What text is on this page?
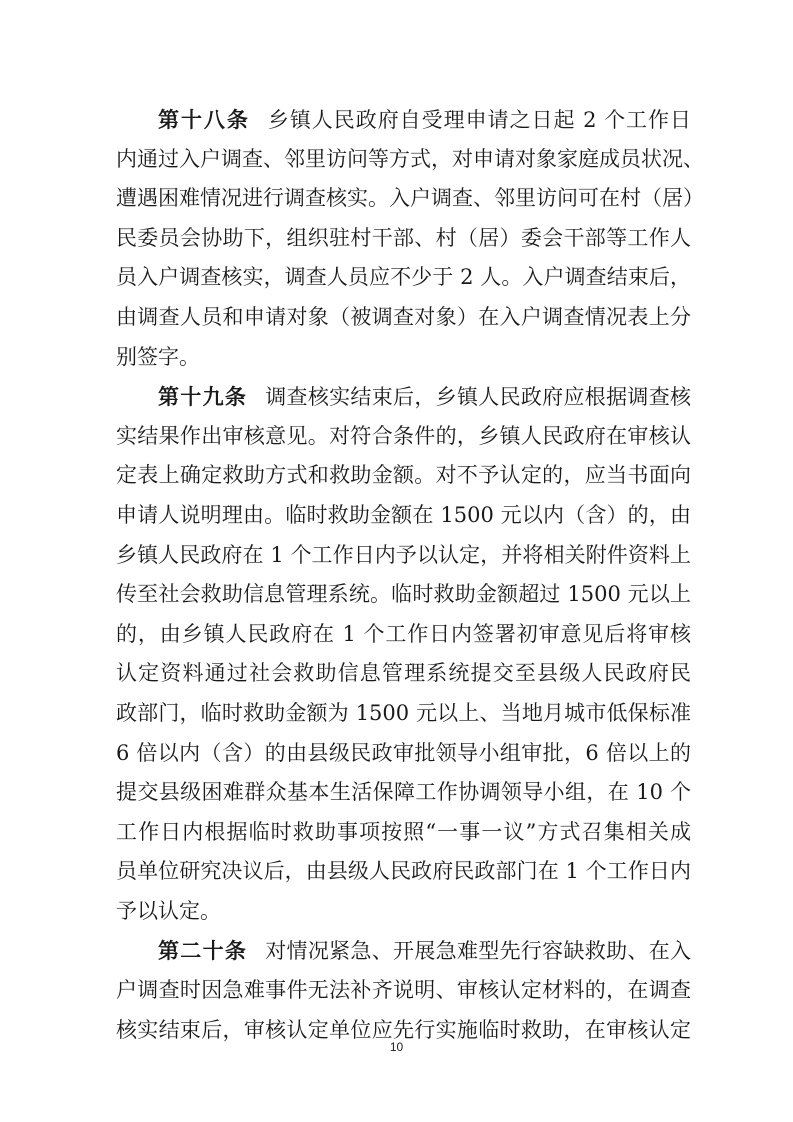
第十八条 乡镇人民政府自受理申请之日起 2 个工作日
内通过入户调查、邻里访问等方式，对申请对象家庭成员状况、
遭遇困难情况进行调查核实。入户调查、邻里访问可在村（居）
民委员会协助下，组织驻村干部、村（居）委会干部等工作人
员入户调查核实，调查人员应不少于 2 人。入户调查结束后，
由调查人员和申请对象（被调查对象）在入户调查情况表上分
别签字。
第十九条 调查核实结束后，乡镇人民政府应根据调查核
实结果作出审核意见。对符合条件的，乡镇人民政府在审核认
定表上确定救助方式和救助金额。对不予认定的，应当书面向
申请人说明理由。临时救助金额在 1500 元以内（含）的，由
乡镇人民政府在 1 个工作日内予以认定，并将相关附件资料上
传至社会救助信息管理系统。临时救助金额超过 1500 元以上
的，由乡镇人民政府在 1 个工作日内签署初审意见后将审核
认定资料通过社会救助信息管理系统提交至县级人民政府民
政部门，临时救助金额为 1500 元以上、当地月城市低保标准
6 倍以内（含）的由县级民政审批领导小组审批，6 倍以上的
提交县级困难群众基本生活保障工作协调领导小组，在 10 个
工作日内根据临时救助事项按照“一事一议”方式召集相关成
员单位研究决议后，由县级人民政府民政部门在 1 个工作日内
予以认定。
第二十条 对情况紧急、开展急难型先行容缺救助、在入
户调查时因急难事件无法补齐说明、审核认定材料的，在调查
核实结束后，审核认定单位应先行实施临时救助，在审核认定
10
